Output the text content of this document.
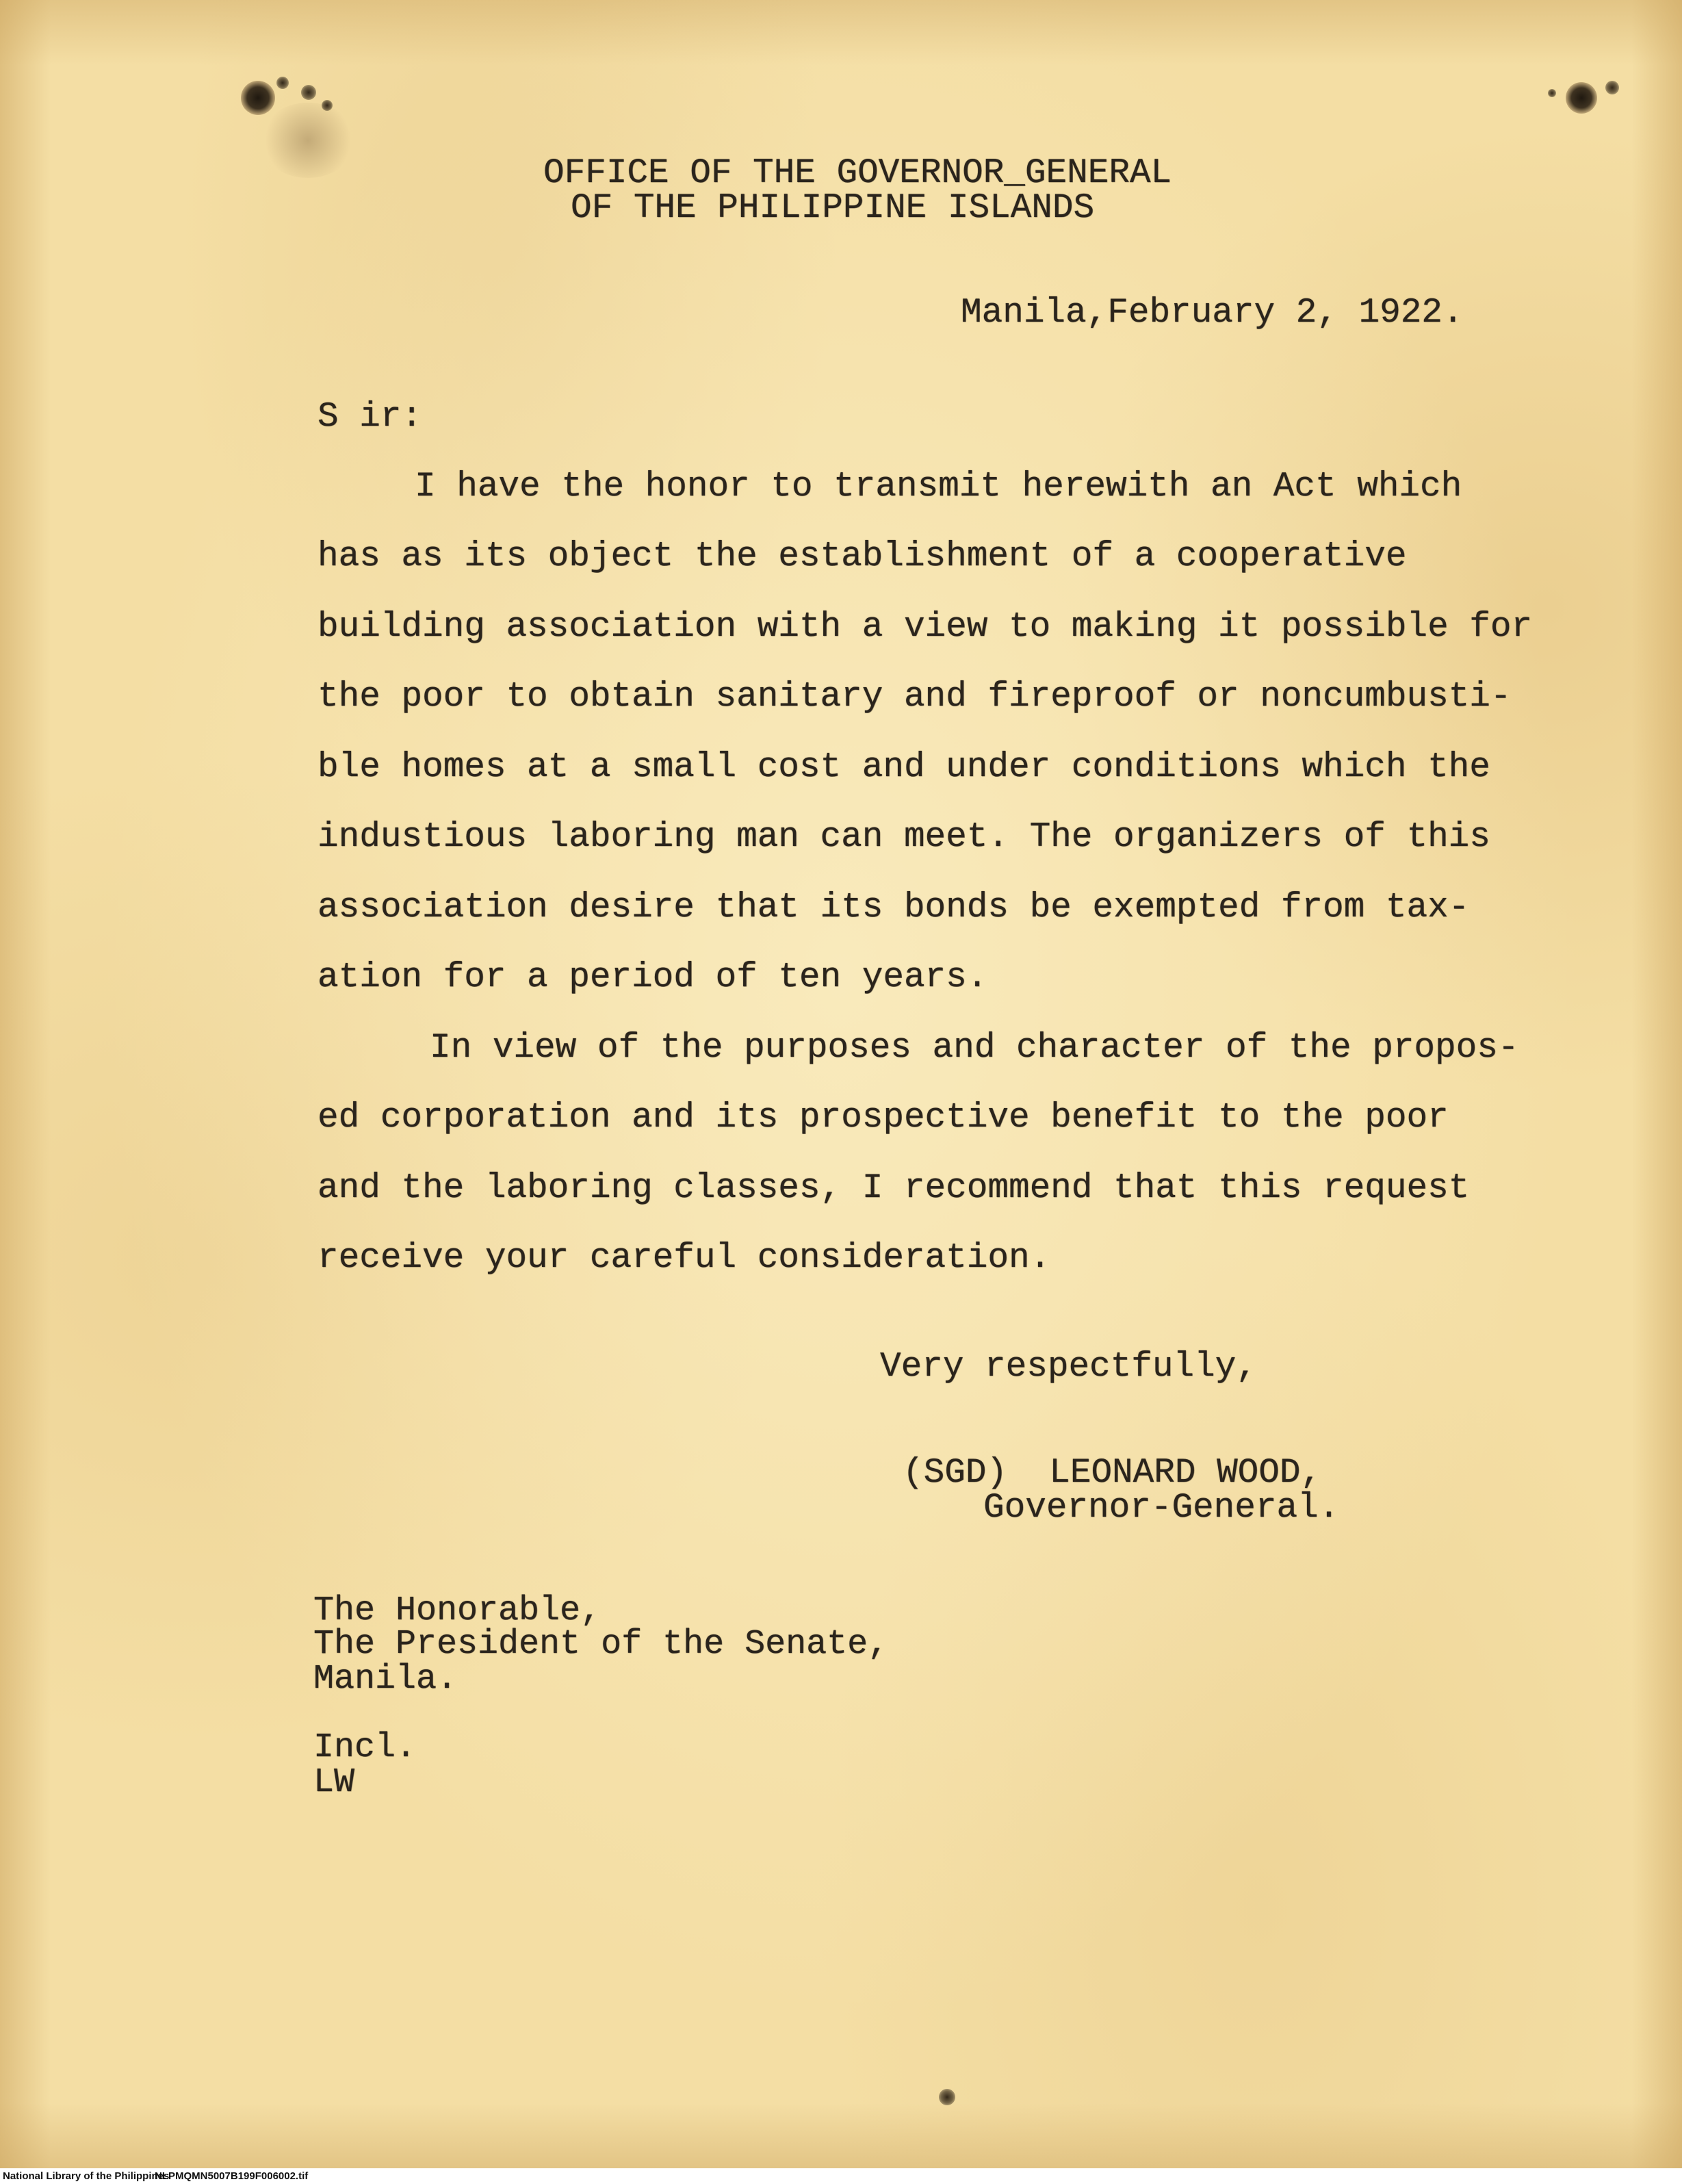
OFFICE OF THE GOVERNOR_GENERAL
OF THE PHILIPPINE ISLANDS
Manila,February 2, 1922.
S ir:
I have the honor to transmit herewith an Act which
has as its object the establishment of a cooperative
building association with a view to making it possible for
the poor to obtain sanitary and fireproof or noncumbusti-
ble homes at a small cost and under conditions which the
industious laboring man can meet. The organizers of this
association desire that its bonds be exempted from tax-
ation for a period of ten years.
In view of the purposes and character of the propos-
ed corporation and its prospective benefit to the poor
and the laboring classes, I recommend that this request
receive your careful consideration.
Very respectfully,
(SGD)  LEONARD WOOD,
Governor-General.
The Honorable,
The President of the Senate,
Manila.
Incl.
LW
National Library of the Philippines
NLPMQMN5007B199F006002.tif
